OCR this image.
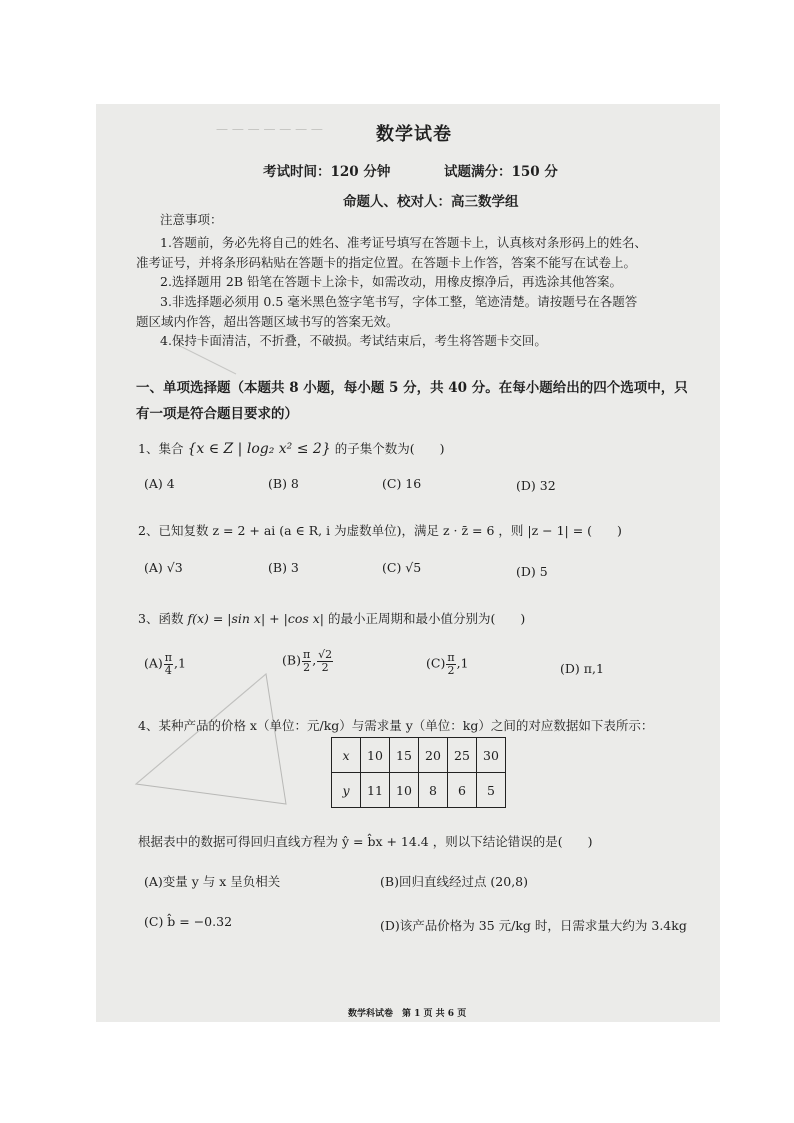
— — — — — — —	数学试卷
考试时间：120 分钟	试题满分：150 分
命题人、校对人：高三数学组
注意事项：
1.答题前，务必先将自己的姓名、准考证号填写在答题卡上，认真核对条形码上的姓名、
准考证号，并将条形码粘贴在答题卡的指定位置。在答题卡上作答，答案不能写在试卷上。
2.选择题用 2B 铅笔在答题卡上涂卡，如需改动，用橡皮擦净后，再选涂其他答案。
3.非选择题必须用 0.5 毫米黑色签字笔书写，字体工整，笔迹清楚。请按题号在各题答
题区域内作答，超出答题区域书写的答案无效。
4.保持卡面清洁，不折叠，不破损。考试结束后，考生将答题卡交回。
一、单项选择题（本题共 8 小题，每小题 5 分，共 40 分。在每小题给出的四个选项中，只
有一项是符合题目要求的）
1、集合 {x ∈ Z | log₂ x² ≤ 2} 的子集个数为(　　)
(A) 4	(B) 8	(C) 16	(D) 32
2、已知复数 z = 2 + ai (a ∈ R, i 为虚数单位)，满足 z · z̄ = 6 ，则 |z − 1| = (　　)
(A) √3	(B) 3	(C) √5	(D) 5
3、函数 f(x) = |sin x| + |cos x| 的最小正周期和最小值分别为(　　)
$(A) \frac{\pi}{4} ,1$	$(B) \frac{\pi}{2}$ , $\frac{√2}{2}$	$(C) \frac{\pi}{2} ,1$	(D) π,1
4、某种产品的价格 x（单位：元/kg）与需求量 y（单位：kg）之间的对应数据如下表所示：
x	10	15	20	25	30
y	11	10	8	6	5
根据表中的数据可得回归直线方程为 ŷ = b̂x + 14.4 ，则以下结论错误的是(　　)
(A)变量 y 与 x 呈负相关	(B)回归直线经过点 (20,8)
(C) b̂ = −0.32	(D)该产品价格为 35 元/kg 时，日需求量大约为 3.4kg
数学科试卷　第 1 页 共 6 页
